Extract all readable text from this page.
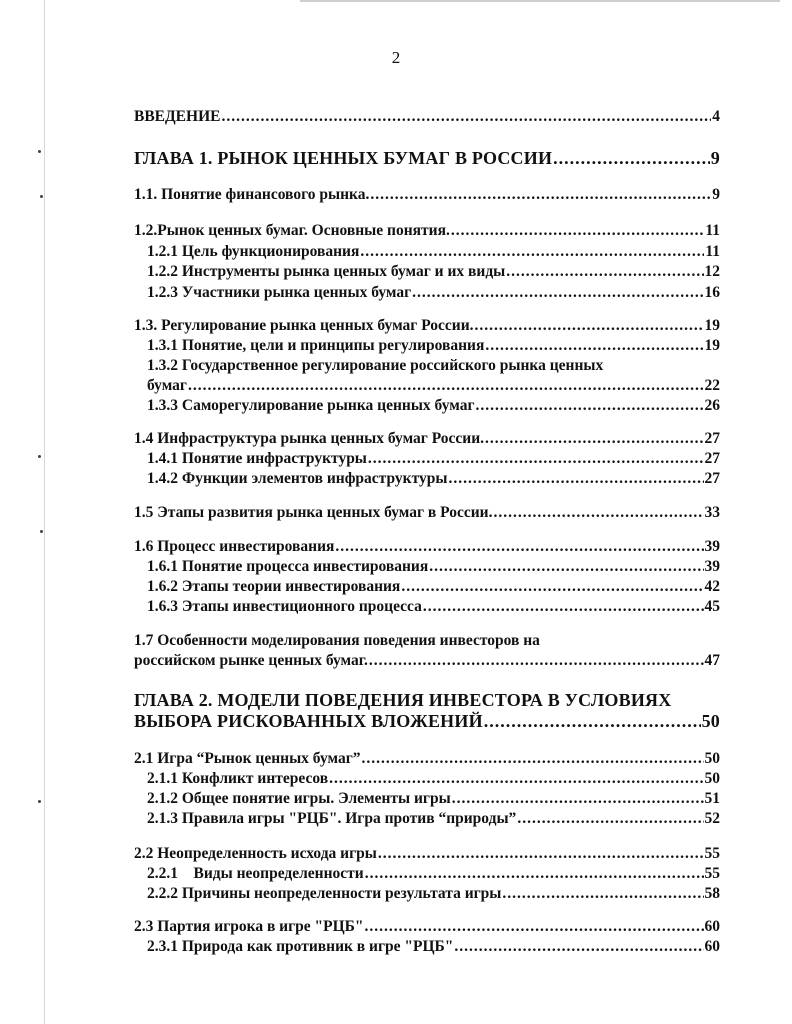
2
ВВЕДЕНИЕ .....	4
ГЛАВА 1. РЫНОК ЦЕННЫХ БУМАГ В РОССИИ .....	9
1.1. Понятие финансового рынка. .....	9
1.2.Рынок ценных бумаг. Основные понятия. .....	11
1.2.1 Цель функционирования .....	11
1.2.2 Инструменты рынка ценных бумаг и их виды .....	12
1.2.3 Участники рынка ценных бумаг .....	16
1.3. Регулирование рынка ценных бумаг России. .....	19
1.3.1 Понятие, цели и принципы регулирования .....	19
1.3.2 Государственное регулирование российского рынка ценных
бумаг .....	22
1.3.3 Саморегулирование рынка ценных бумаг .....	26
1.4 Инфраструктура рынка ценных бумаг России. .....	27
1.4.1 Понятие инфраструктуры .....	27
1.4.2 Функции элементов инфраструктуры .....	27
1.5 Этапы развития рынка ценных бумаг в России. .....	33
1.6 Процесс инвестирования .....	39
1.6.1 Понятие процесса инвестирования .....	39
1.6.2 Этапы теории инвестирования .....	42
1.6.3 Этапы инвестиционного процесса .....	45
1.7 Особенности моделирования поведения инвесторов на
российском рынке ценных бумаг. .....	47
ГЛАВА 2. МОДЕЛИ ПОВЕДЕНИЯ ИНВЕСТОРА В УСЛОВИЯХ
ВЫБОРА РИСКОВАННЫХ ВЛОЖЕНИЙ .....	50
2.1 Игра “Рынок ценных бумаг” .....	50
2.1.1 Конфликт интересов .....	50
2.1.2 Общее понятие игры. Элементы игры .....	51
2.1.3 Правила игры "РЦБ". Игра против “природы” .....	52
2.2 Неопределенность исхода игры .....	55
2.2.1    Виды неопределенности .....	55
2.2.2 Причины неопределенности результата игры .....	58
2.3 Партия игрока в игре "РЦБ" .....	60
2.3.1 Природа как противник в игре "РЦБ" .....	60
